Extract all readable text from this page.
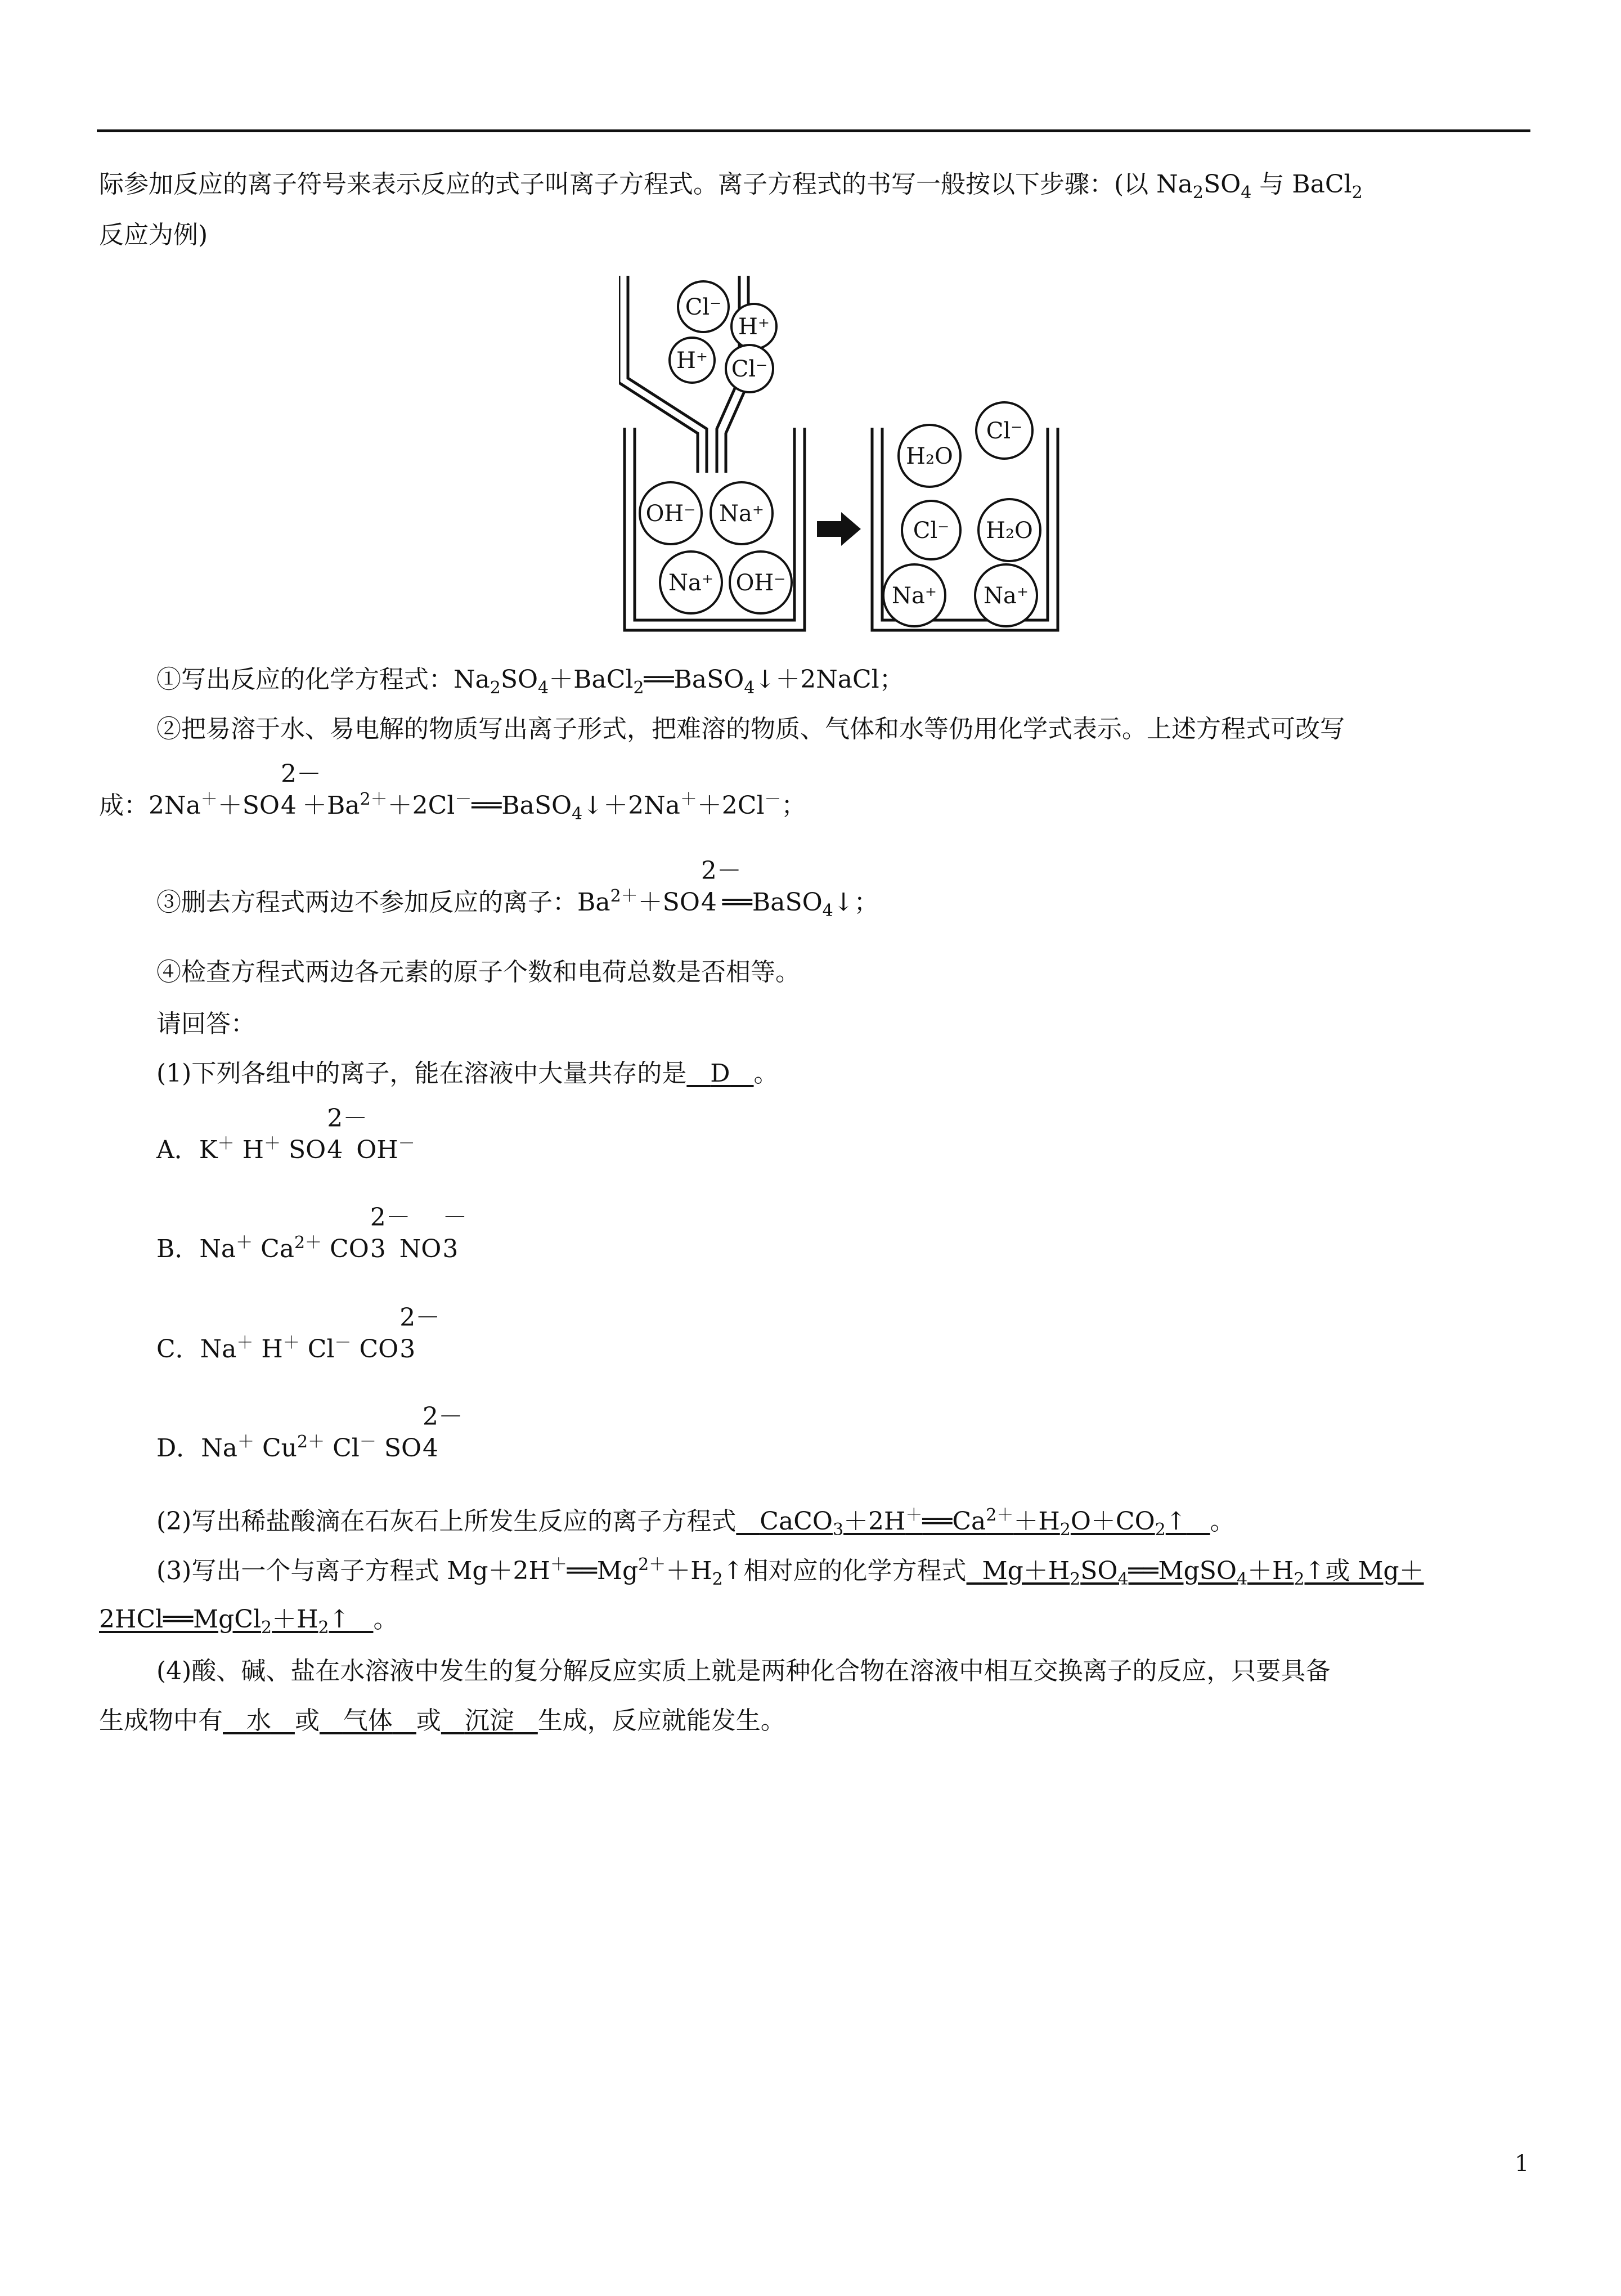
际参加反应的离子符号来表示反应的式子叫离子方程式。离子方程式的书写一般按以下步骤：(以 $Na_2SO_4$ 与 BaCl$_2$
反应为例)
Cl⁻
H⁺
H⁺ Cl⁻
OH⁻ Na⁺
Na⁺ OH⁻
H₂O
Cl⁻
Cl⁻ H₂O
Na⁺ Na⁺
①写出反应的化学方程式：$Na_2SO_4+BaCl_2══BaSO_4↓+2NaCl$；
②把易溶于水、易电解的物质写出离子形式，把难溶的物质、气体和水等仍用化学式表示。上述方程式可改写
成：2Na＋＋SO
2－
$4 +Ba^{2+}+2Cl^-══BaSO_4↓+2Na^++2Cl^-$；
③删去方程式两边不参加反应的离子：$Ba^{2+}+SO$
2－
4 ══BaSO$_4$↓；
④检查方程式两边各元素的原子个数和电荷总数是否相等。
请回答：
(1)下列各组中的离子，能在溶液中大量共存的是 D 。
A．K＋ H＋ SO
2－
4 OH－
B．Na＋ $Ca^{2+}$ CO
2－
3 NO
－
3
C．Na＋ H＋ Cl－ CO
2－
3
D．Na＋ $Cu^{2+}$ Cl－ SO
2－
4
(2)写出稀盐酸滴在石灰石上所发生反应的离子方程式 $CaCO_3+2H^+══Ca^{2+}+H_2O+CO_2↑$ 。
(3)写出一个与离子方程式 $Mg+2H^+══Mg^{2+}+H_2↑$相对应的化学方程式 $Mg+H_2SO_4══MgSO_4+H_2↑$或 Mg＋
$2HCl══MgCl_2+H_2↑$ 。
(4)酸、碱、盐在水溶液中发生的复分解反应实质上就是两种化合物在溶液中相互交换离子的反应，只要具备
生成物中有 水 或 气体 或 沉淀 生成，反应就能发生。
1
